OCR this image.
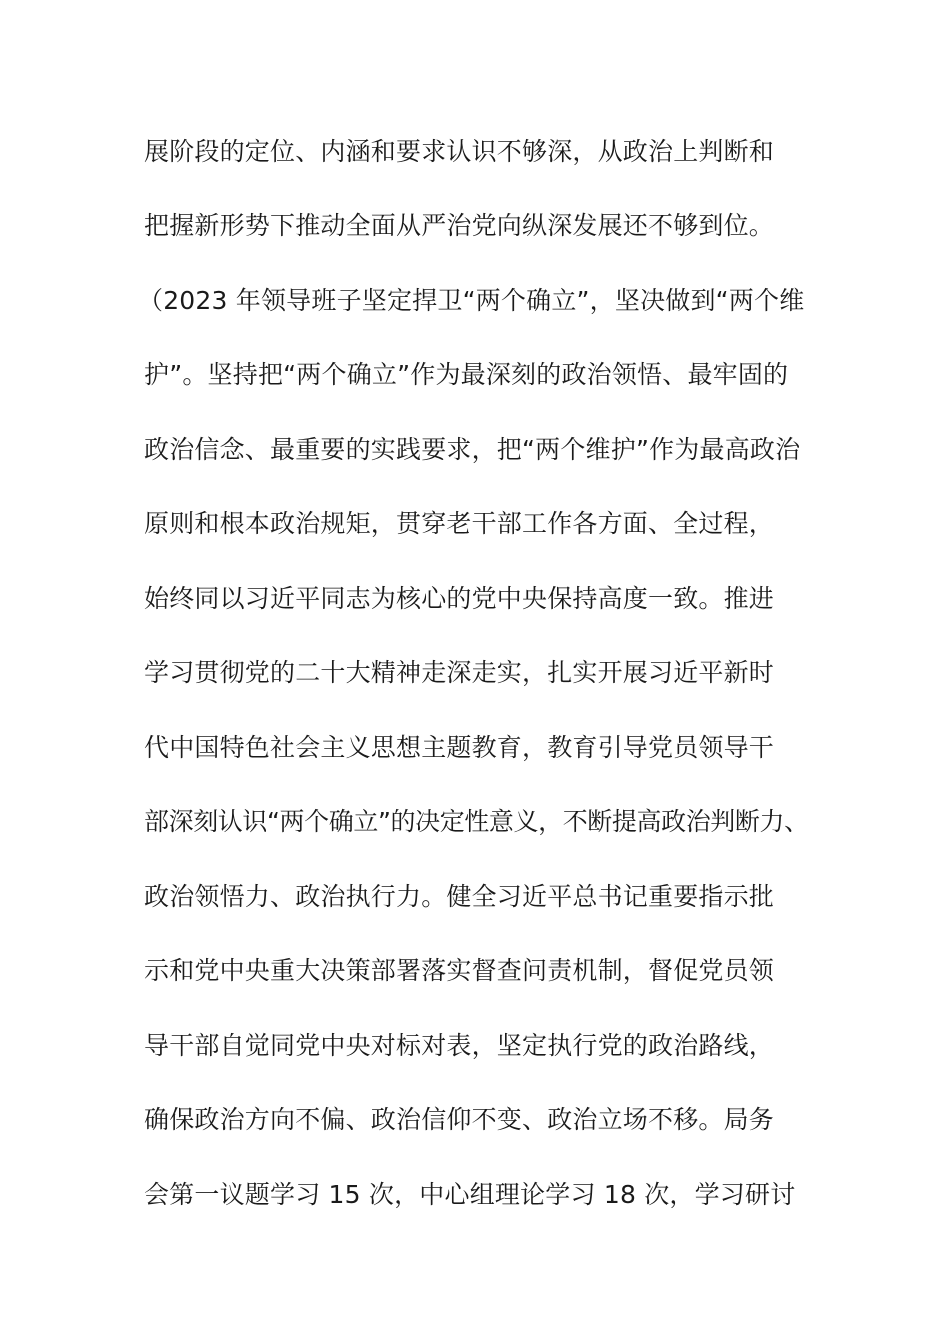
展阶段的定位、内涵和要求认识不够深，从政治上判断和
把握新形势下推动全面从严治党向纵深发展还不够到位。
（2023 年领导班子坚定捍卫“两个确立”，坚决做到“两个维
护”。坚持把“两个确立”作为最深刻的政治领悟、最牢固的
政治信念、最重要的实践要求，把“两个维护”作为最高政治
原则和根本政治规矩，贯穿老干部工作各方面、全过程，
始终同以习近平同志为核心的党中央保持高度一致。推进
学习贯彻党的二十大精神走深走实，扎实开展习近平新时
代中国特色社会主义思想主题教育，教育引导党员领导干
部深刻认识“两个确立”的决定性意义，不断提高政治判断力、
政治领悟力、政治执行力。健全习近平总书记重要指示批
示和党中央重大决策部署落实督查问责机制，督促党员领
导干部自觉同党中央对标对表，坚定执行党的政治路线，
确保政治方向不偏、政治信仰不变、政治立场不移。局务
会第一议题学习 15 次，中心组理论学习 18 次，学习研讨
